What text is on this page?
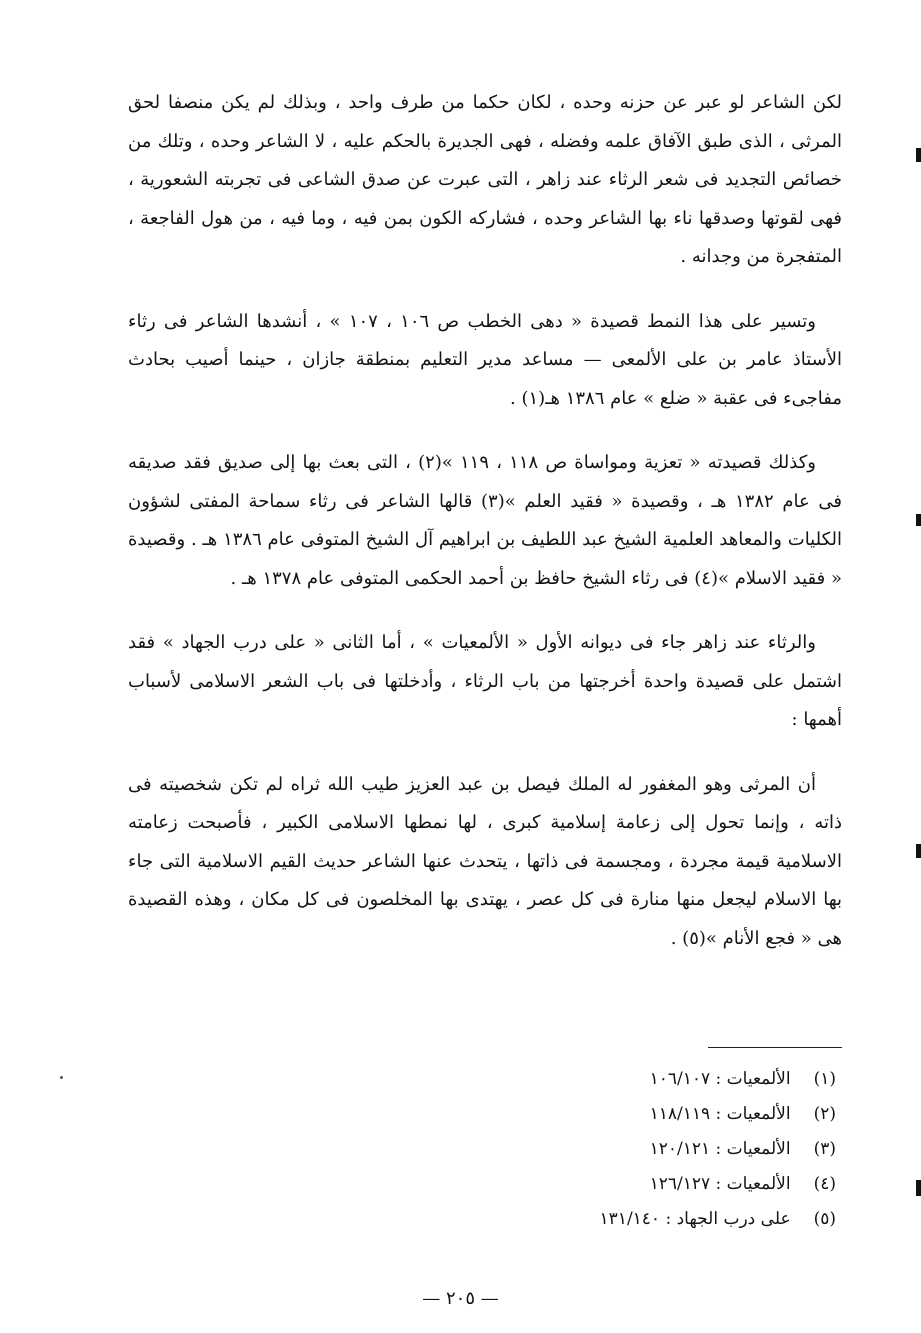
لكن الشاعر لو عبر عن حزنه وحده ، لكان حكما من طرف واحد ، وبذلك لم يكن منصفا لحق المرثى ، الذى طبق الآفاق علمه وفضله ، فهى الجديرة بالحكم عليه ، لا الشاعر وحده ، وتلك من خصائص التجديد فى شعر الرثاء عند زاهر ، التى عبرت عن صدق الشاعى فى تجربته الشعورية ، فهى لقوتها وصدقها ناء بها الشاعر وحده ، فشاركه الكون بمن فيه ، وما فيه ، من هول الفاجعة ، المتفجرة من وجدانه .

وتسير على هذا النمط قصيدة « دهى الخطب ص ١٠٦ ، ١٠٧ » ، أنشدها الشاعر فى رثاء الأستاذ عامر بن على الألمعى — مساعد مدير التعليم بمنطقة جازان ، حينما أصيب بحادث مفاجىء فى عقبة « ضلع » عام ١٣٨٦ هـ(١) .

وكذلك قصيدته « تعزية ومواساة ص ١١٨ ، ١١٩ »(٢) ، التى بعث بها إلى صديق فقد صديقه فى عام ١٣٨٢ هـ ، وقصيدة « فقيد العلم »(٣) قالها الشاعر فى رثاء سماحة المفتى لشؤون الكليات والمعاهد العلمية الشيخ عبد اللطيف بن ابراهيم آل الشيخ المتوفى عام ١٣٨٦ هـ . وقصيدة « فقيد الاسلام »(٤) فى رثاء الشيخ حافظ بن أحمد الحكمى المتوفى عام ١٣٧٨ هـ .

والرثاء عند زاهر جاء فى ديوانه الأول « الألمعيات » ، أما الثانى « على درب الجهاد » فقد اشتمل على قصيدة واحدة أخرجتها من باب الرثاء ، وأدخلتها فى باب الشعر الاسلامى لأسباب أهمها :

أن المرثى وهو المغفور له الملك فيصل بن عبد العزيز طيب الله ثراه لم تكن شخصيته فى ذاته ، وإنما تحول إلى زعامة إسلامية كبرى ، لها نمطها الاسلامى الكبير ، فأصبحت زعامته الاسلامية قيمة مجردة ، ومجسمة فى ذاتها ، يتحدث عنها الشاعر حديث القيم الاسلامية التى جاء بها الاسلام ليجعل منها منارة فى كل عصر ، يهتدى بها المخلصون فى كل مكان ، وهذه القصيدة هى « فجع الأنام »(٥) .

(١) الألمعيات : ١٠٦/١٠٧
(٢) الألمعيات : ١١٨/١١٩
(٣) الألمعيات : ١٢٠/١٢١
(٤) الألمعيات : ١٢٦/١٢٧
(٥) على درب الجهاد : ١٣١/١٤٠
— ٢٠٥ —
